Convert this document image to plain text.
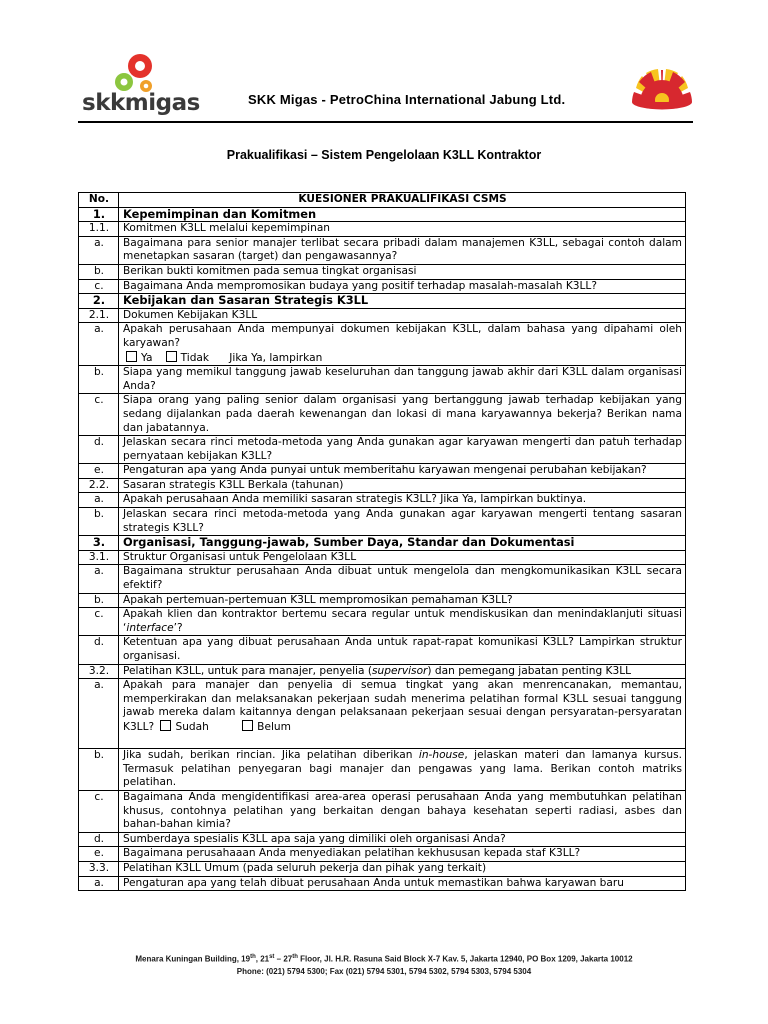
skkmigas	SKK Migas - PetroChina International Jabung Ltd.
Prakualifikasi – Sistem Pengelolaan K3LL Kontraktor
No.	KUESIONER PRAKUALIFIKASI CSMS
1.	Kepemimpinan dan Komitmen
1.1.	Komitmen K3LL melalui kepemimpinan
a.	Bagaimana para senior manajer terlibat secara pribadi dalam manajemen K3LL, sebagai contoh dalam menetapkan sasaran (target) dan pengawasannya?
b.	Berikan bukti komitmen pada semua tingkat organisasi
c.	Bagaimana Anda mempromosikan budaya yang positif terhadap masalah-masalah K3LL?
2.	Kebijakan dan Sasaran Strategis K3LL
2.1.	Dokumen Kebijakan K3LL
a.	Apakah perusahaan Anda mempunyai dokumen kebijakan K3LL, dalam bahasa yang dipahami oleh karyawan?
Ya   Tidak      Jika Ya, lampirkan
b.	Siapa yang memikul tanggung jawab keseluruhan dan tanggung jawab akhir dari K3LL dalam organisasi Anda?
c.	Siapa orang yang paling senior dalam organisasi yang bertanggung jawab terhadap kebijakan yang sedang dijalankan pada daerah kewenangan dan lokasi di mana karyawannya bekerja? Berikan nama dan jabatannya.
d.	Jelaskan secara rinci metoda-metoda yang Anda gunakan agar karyawan mengerti dan patuh terhadap pernyataan kebijakan K3LL?
e.	Pengaturan apa yang Anda punyai untuk memberitahu karyawan mengenai perubahan kebijakan?
2.2.	Sasaran strategis K3LL Berkala (tahunan)
a.	Apakah perusahaan Anda memiliki sasaran strategis K3LL? Jika Ya, lampirkan buktinya.
b.	Jelaskan secara rinci metoda-metoda yang Anda gunakan agar karyawan mengerti tentang sasaran strategis K3LL?
3.	Organisasi, Tanggung-jawab, Sumber Daya, Standar dan Dokumentasi
3.1.	Struktur Organisasi untuk Pengelolaan K3LL
a.	Bagaimana struktur perusahaan Anda dibuat untuk mengelola dan mengkomunikasikan K3LL secara efektif?
b.	Apakah pertemuan-pertemuan K3LL mempromosikan pemahaman K3LL?
c.	Apakah klien dan kontraktor bertemu secara regular untuk mendiskusikan dan menindaklanjuti situasi ‘interface’?
d.	Ketentuan apa yang dibuat perusahaan Anda untuk rapat-rapat komunikasi K3LL? Lampirkan struktur organisasi.
3.2.	Pelatihan K3LL, untuk para manajer, penyelia (supervisor) dan pemegang jabatan penting K3LL
a.	Apakah para manajer dan penyelia di semua tingkat yang akan menrencanakan, memantau, memperkirakan dan melaksanakan pekerjaan sudah menerima pelatihan formal K3LL sesuai tanggung jawab mereka dalam kaitannya dengan pelaksanaan pekerjaan sesuai dengan persyaratan-persyaratan K3LL? Sudah         Belum

b.	Jika sudah, berikan rincian. Jika pelatihan diberikan in-house, jelaskan materi dan lamanya kursus. Termasuk pelatihan penyegaran bagi manajer dan pengawas yang lama. Berikan contoh matriks pelatihan.
c.	Bagaimana Anda mengidentifikasi area-area operasi perusahaan Anda yang membutuhkan pelatihan khusus, contohnya pelatihan yang berkaitan dengan bahaya kesehatan seperti radiasi, asbes dan bahan-bahan kimia?
d.	Sumberdaya spesialis K3LL apa saja yang dimiliki oleh organisasi Anda?
e.	Bagaimana perusahaaan Anda menyediakan pelatihan kekhususan kepada staf K3LL?
3.3.	Pelatihan K3LL Umum (pada seluruh pekerja dan pihak yang terkait)
a.	Pengaturan apa yang telah dibuat perusahaan Anda untuk memastikan bahwa karyawan baru
Menara Kuningan Building, 19th, 21st – 27th Floor, Jl. H.R. Rasuna Said Block X-7 Kav. 5, Jakarta 12940, PO Box 1209, Jakarta 10012
Phone: (021) 5794 5300; Fax (021) 5794 5301, 5794 5302, 5794 5303, 5794 5304
